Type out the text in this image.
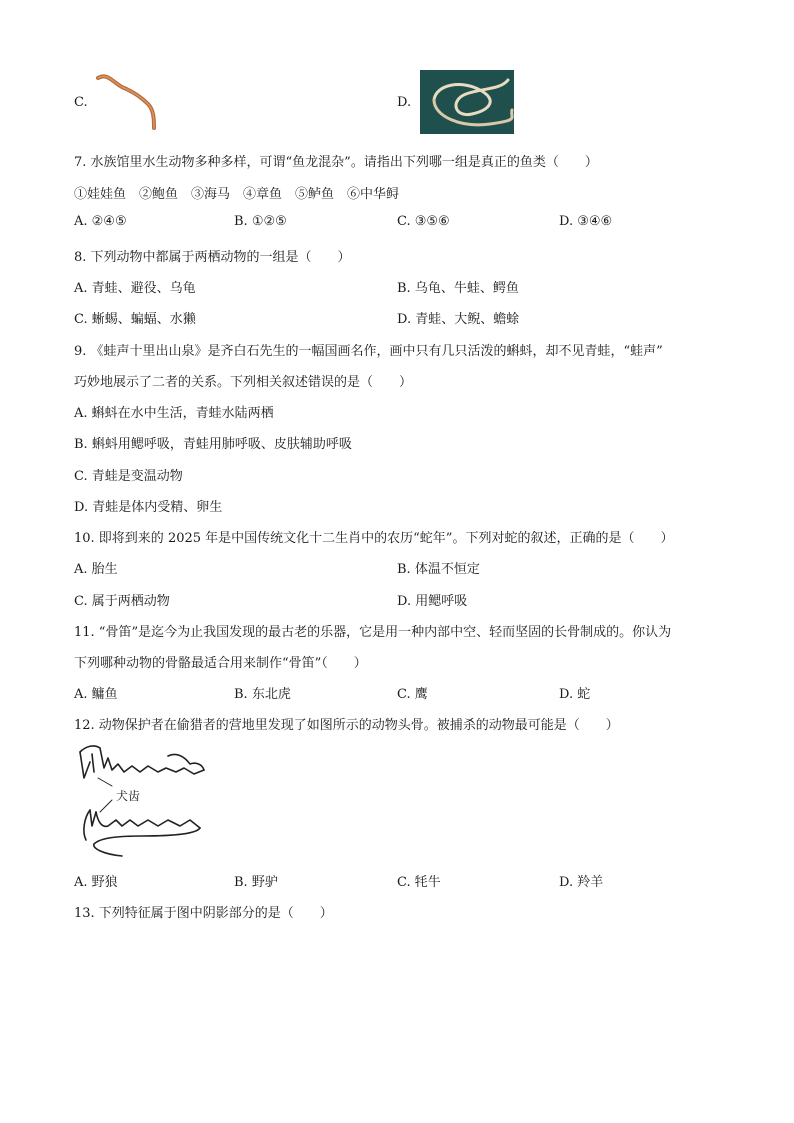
C.	D.
7. 水族馆里水生动物多种多样，可谓“鱼龙混杂”。请指出下列哪一组是真正的鱼类（　　）
①娃娃鱼　②鲍鱼　③海马　④章鱼　⑤鲈鱼　⑥中华鲟
A. ②④⑤	B. ①②⑤	C. ③⑤⑥	D. ③④⑥
8. 下列动物中都属于两栖动物的一组是（　　）
A. 青蛙、避役、乌龟	B. 乌龟、牛蛙、鳄鱼
C. 蜥蜴、蝙蝠、水獭	D. 青蛙、大鲵、蟾蜍
9. 《蛙声十里出山泉》是齐白石先生的一幅国画名作，画中只有几只活泼的蝌蚪，却不见青蛙，“蛙声”
巧妙地展示了二者的关系。下列相关叙述错误的是（　　）
A. 蝌蚪在水中生活，青蛙水陆两栖
B. 蝌蚪用鳃呼吸，青蛙用肺呼吸、皮肤辅助呼吸
C. 青蛙是变温动物
D. 青蛙是体内受精、卵生
10. 即将到来的 2025 年是中国传统文化十二生肖中的农历“蛇年”。下列对蛇的叙述，正确的是（　　）
A. 胎生	B. 体温不恒定
C. 属于两栖动物	D. 用鳃呼吸
11. “骨笛”是迄今为止我国发现的最古老的乐器，它是用一种内部中空、轻而坚固的长骨制成的。你认为
下列哪种动物的骨骼最适合用来制作“骨笛”（　　）
A. 鳙鱼	B. 东北虎	C. 鹰	D. 蛇
12. 动物保护者在偷猎者的营地里发现了如图所示的动物头骨。被捕杀的动物最可能是（　　）
犬齿
A. 野狼	B. 野驴	C. 牦牛	D. 羚羊
13. 下列特征属于图中阴影部分的是（　　）
